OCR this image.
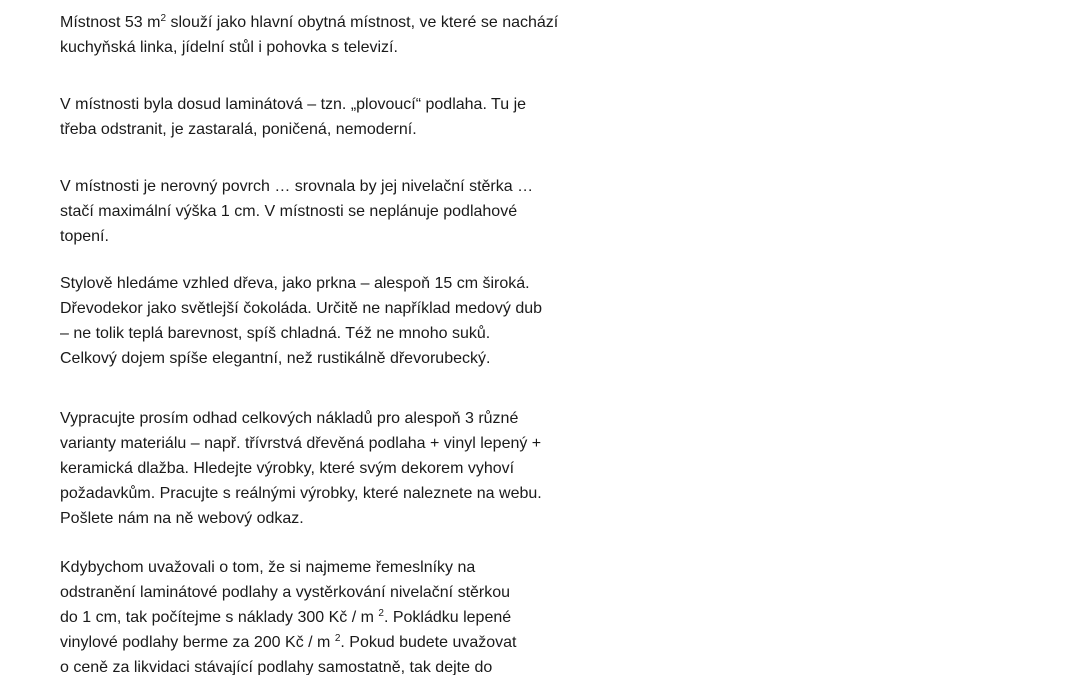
Místnost 53 $m^2$ slouží jako hlavní obytná místnost, ve které se nachází
kuchyňská linka, jídelní stůl i pohovka s televizí.

V místnosti byla dosud laminátová – tzn. „plovoucí“ podlaha. Tu je
třeba odstranit, je zastaralá, poničená, nemoderní.

V místnosti je nerovný povrch … srovnala by jej nivelační stěrka …
stačí maximální výška 1 cm. V místnosti se neplánuje podlahové
topení.

Stylově hledáme vzhled dřeva, jako prkna – alespoň 15 cm široká.
Dřevodekor jako světlejší čokoláda. Určitě ne například medový dub
– ne tolik teplá barevnost, spíš chladná. Též ne mnoho suků.
Celkový dojem spíše elegantní, než rustikálně dřevorubecký.

Vypracujte prosím odhad celkových nákladů pro alespoň 3 různé
varianty materiálu – např. třívrstvá dřevěná podlaha + vinyl lepený +
keramická dlažba. Hledejte výrobky, které svým dekorem vyhoví
požadavkům. Pracujte s reálnými výrobky, které naleznete na webu.
Pošlete nám na ně webový odkaz.

Kdybychom uvažovali o tom, že si najmeme řemeslníky na
odstranění laminátové podlahy a vystěrkování nivelační stěrkou
do 1 cm, tak počítejme s náklady 300 Kč / m $^2$. Pokládku lepené
vinylové podlahy berme za 200 Kč / m $^2$. Pokud budete uvažovat
o ceně za likvidaci stávající podlahy samostatně, tak dejte do
